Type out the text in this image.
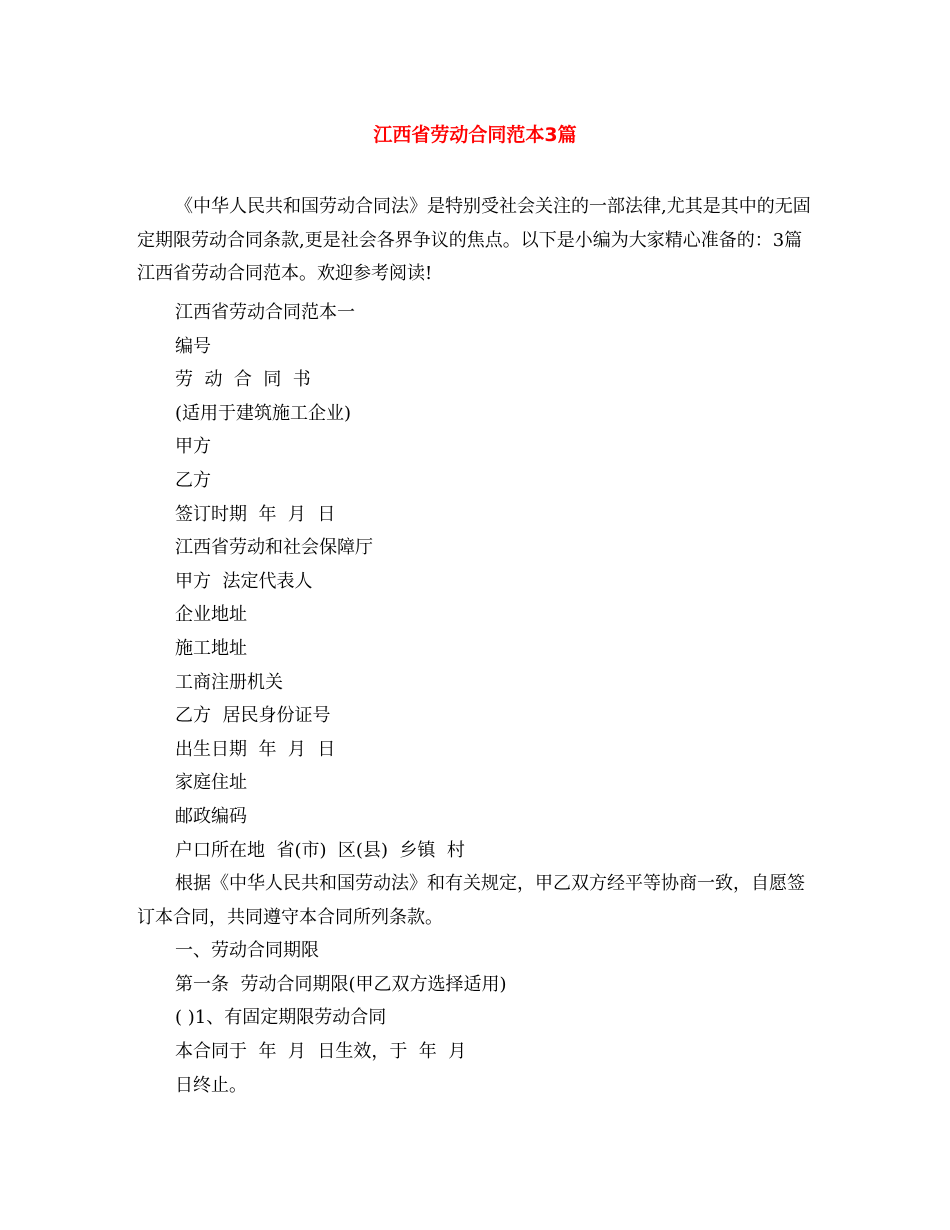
江西省劳动合同范本3篇

《中华人民共和国劳动合同法》是特别受社会关注的一部法律,尤其是其中的无固定期限劳动合同条款,更是社会各界争议的焦点。以下是小编为大家精心准备的：3篇江西省劳动合同范本。欢迎参考阅读!

江西省劳动合同范本一
编号
劳  动  合  同  书
(适用于建筑施工企业)
甲方
乙方
签订时期  年  月  日
江西省劳动和社会保障厅
甲方  法定代表人
企业地址
施工地址
工商注册机关
乙方  居民身份证号
出生日期  年  月  日
家庭住址
邮政编码
户口所在地  省(市)  区(县)  乡镇  村
根据《中华人民共和国劳动法》和有关规定，甲乙双方经平等协商一致，自愿签订本合同，共同遵守本合同所列条款。
一、劳动合同期限
第一条  劳动合同期限(甲乙双方选择适用)
( )1、有固定期限劳动合同
本合同于  年  月  日生效，于  年  月
日终止。
